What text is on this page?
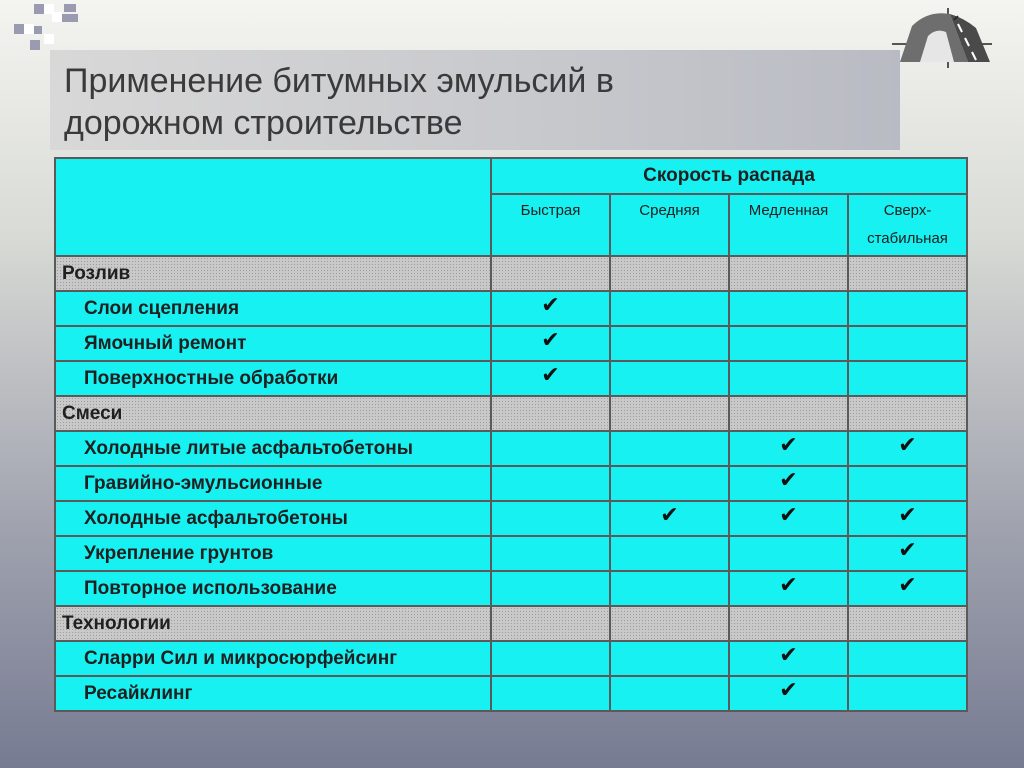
Применение битумных эмульсий в
дорожном строительстве
	Скорость распада			
	Быстрая	Средняя	Медленная	Сверх-
стабильная
Розлив				
Слои сцепления	✔			
Ямочный ремонт	✔			
Поверхностные обработки	✔			
Смеси				
Холодные литые асфальтобетоны			✔	✔
Гравийно-эмульсионные			✔	
Холодные асфальтобетоны		✔	✔	✔
Укрепление грунтов				✔
Повторное использование			✔	✔
Технологии				
Сларри Сил и микросюрфейсинг			✔	
Ресайклинг			✔	
